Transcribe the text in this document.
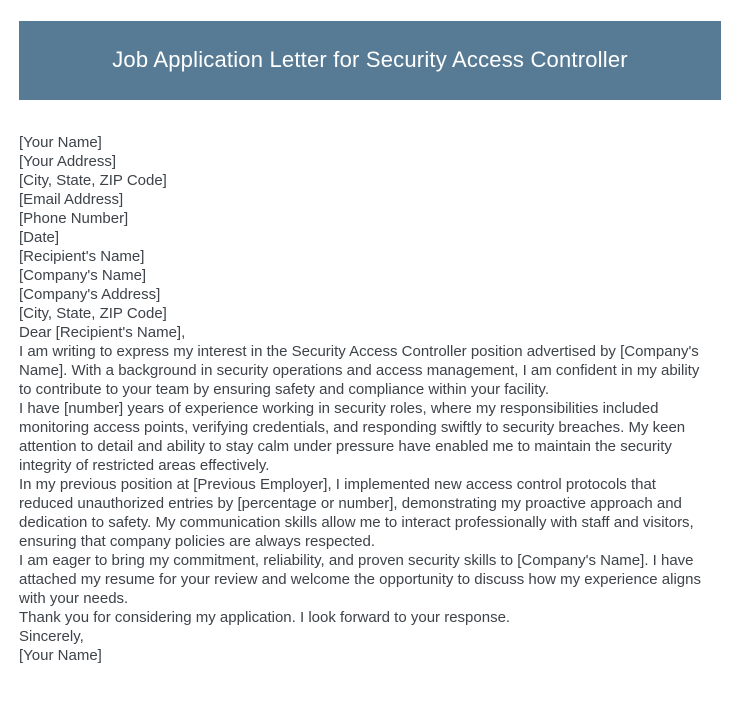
Job Application Letter for Security Access Controller
[Your Name]
[Your Address]
[City, State, ZIP Code]
[Email Address]
[Phone Number]
[Date]
[Recipient's Name]
[Company's Name]
[Company's Address]
[City, State, ZIP Code]
Dear [Recipient's Name],
I am writing to express my interest in the Security Access Controller position advertised by [Company's Name]. With a background in security operations and access management, I am confident in my ability to contribute to your team by ensuring safety and compliance within your facility.
I have [number] years of experience working in security roles, where my responsibilities included monitoring access points, verifying credentials, and responding swiftly to security breaches. My keen attention to detail and ability to stay calm under pressure have enabled me to maintain the security integrity of restricted areas effectively.
In my previous position at [Previous Employer], I implemented new access control protocols that reduced unauthorized entries by [percentage or number], demonstrating my proactive approach and dedication to safety. My communication skills allow me to interact professionally with staff and visitors, ensuring that company policies are always respected.
I am eager to bring my commitment, reliability, and proven security skills to [Company's Name]. I have attached my resume for your review and welcome the opportunity to discuss how my experience aligns with your needs.
Thank you for considering my application. I look forward to your response.
Sincerely,
[Your Name]
